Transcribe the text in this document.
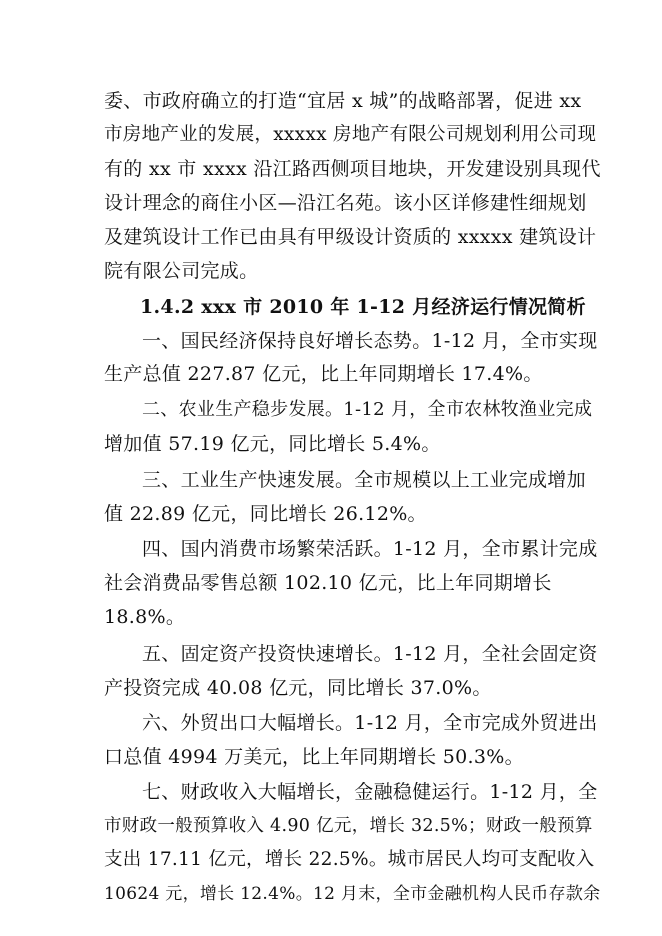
委、市政府确立的打造“宜居 x 城”的战略部署，促进 xx
市房地产业的发展，xxxxx 房地产有限公司规划利用公司现
有的 xx 市 xxxx 沿江路西侧项目地块，开发建设别具现代
设计理念的商住小区—沿江名苑。该小区详修建性细规划
及建筑设计工作已由具有甲级设计资质的 xxxxx 建筑设计
院有限公司完成。
1.4.2 xxx 市 2010 年 1-12 月经济运行情况简析
一、国民经济保持良好增长态势。1-12 月，全市实现
生产总值 227.87 亿元，比上年同期增长 17.4%。
二、农业生产稳步发展。1-12 月，全市农林牧渔业完成
增加值 57.19 亿元，同比增长 5.4%。
三、工业生产快速发展。全市规模以上工业完成增加
值 22.89 亿元，同比增长 26.12%。
四、国内消费市场繁荣活跃。1-12 月，全市累计完成
社会消费品零售总额 102.10 亿元，比上年同期增长
18.8%。
五、固定资产投资快速增长。1-12 月，全社会固定资
产投资完成 40.08 亿元，同比增长 37.0%。
六、外贸出口大幅增长。1-12 月，全市完成外贸进出
口总值 4994 万美元，比上年同期增长 50.3%。
七、财政收入大幅增长，金融稳健运行。1-12 月，全
市财政一般预算收入 4.90 亿元，增长 32.5%；财政一般预算
支出 17.11 亿元，增长 22.5%。城市居民人均可支配收入
10624 元，增长 12.4%。12 月末，全市金融机构人民币存款余
